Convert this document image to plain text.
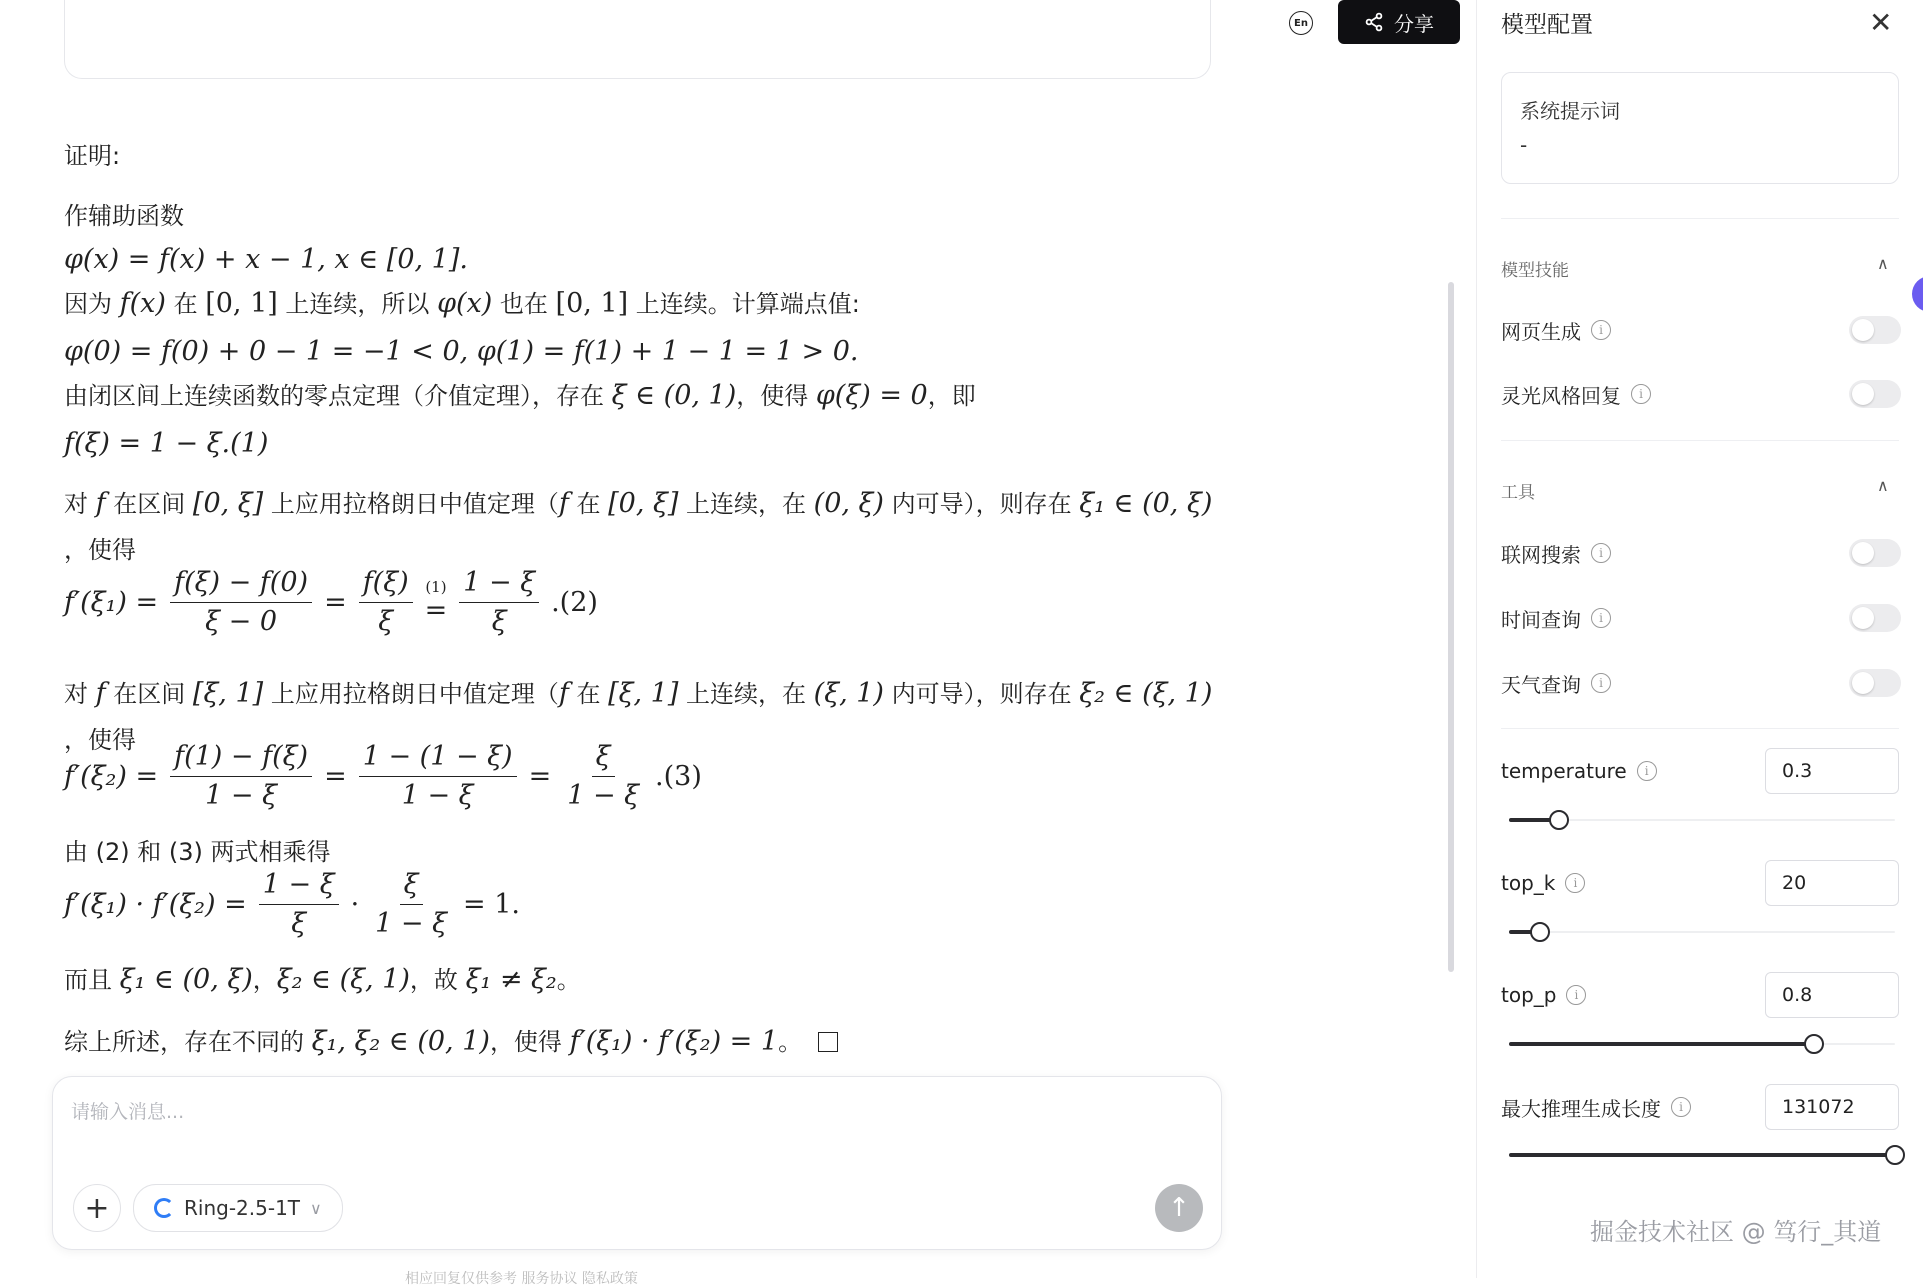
En	分享
证明:
作辅助函数
φ(x) = f(x) + x − 1, x ∈ [0, 1].
因为 f(x) 在 [0, 1] 上连续，所以 φ(x) 也在 [0, 1] 上连续。计算端点值:
φ(0) = f(0) + 0 − 1 = −1 < 0, φ(1) = f(1) + 1 − 1 = 1 > 0.
由闭区间上连续函数的零点定理（介值定理），存在 ξ ∈ (0, 1)，使得 φ(ξ) = 0，即
f(ξ) = 1 − ξ.(1)
对 f 在区间 [0, ξ] 上应用拉格朗日中值定理（f 在 [0, ξ] 上连续，在 (0, ξ) 内可导），则存在 ξ₁ ∈ (0, ξ)
，使得
$f'(\xi_1) = \frac{f(\xi) - f(0)}{\xi - 0} = \frac{f(\xi)}{\xi} (1)$
= $\frac{1 - \xi}{\xi} .(2)$
对 f 在区间 [ξ, 1] 上应用拉格朗日中值定理（f 在 [ξ, 1] 上连续，在 (ξ, 1) 内可导），则存在 ξ₂ ∈ (ξ, 1)
，使得
$f'(\xi_2) = \frac{f(1) - f(\xi)}{1 - \xi} = \frac{1 - (1 - \xi)}{1 - \xi} = \frac{\xi}{1 - \xi} .(3)$
由 (2) 和 (3) 两式相乘得
$f'(\xi_1) \cdot f'(\xi_2) = \frac{1 - \xi}{\xi} \cdot \frac{\xi}{1 - \xi} = 1$.
而且 ξ₁ ∈ (0, ξ)，ξ₂ ∈ (ξ, 1)，故 ξ₁ ≠ ξ₂。
综上所述，存在不同的 ξ₁, ξ₂ ∈ (0, 1)，使得 f′(ξ₁) · f′(ξ₂) = 1。
请输入消息...
+	Ring-2.5-1T ∨	↑
相应回复仅供参考 服务协议 隐私政策
模型配置	✕
系统提示词
-
模型技能	∧
网页生成	i
灵光风格回复	i
工具	∧
联网搜索	i
时间查询	i
天气查询	i
temperature	i	0.3
top_k	i	20
top_p	i	0.8
最大推理生成长度	i	131072
掘金技术社区 @ 笃行_其道
